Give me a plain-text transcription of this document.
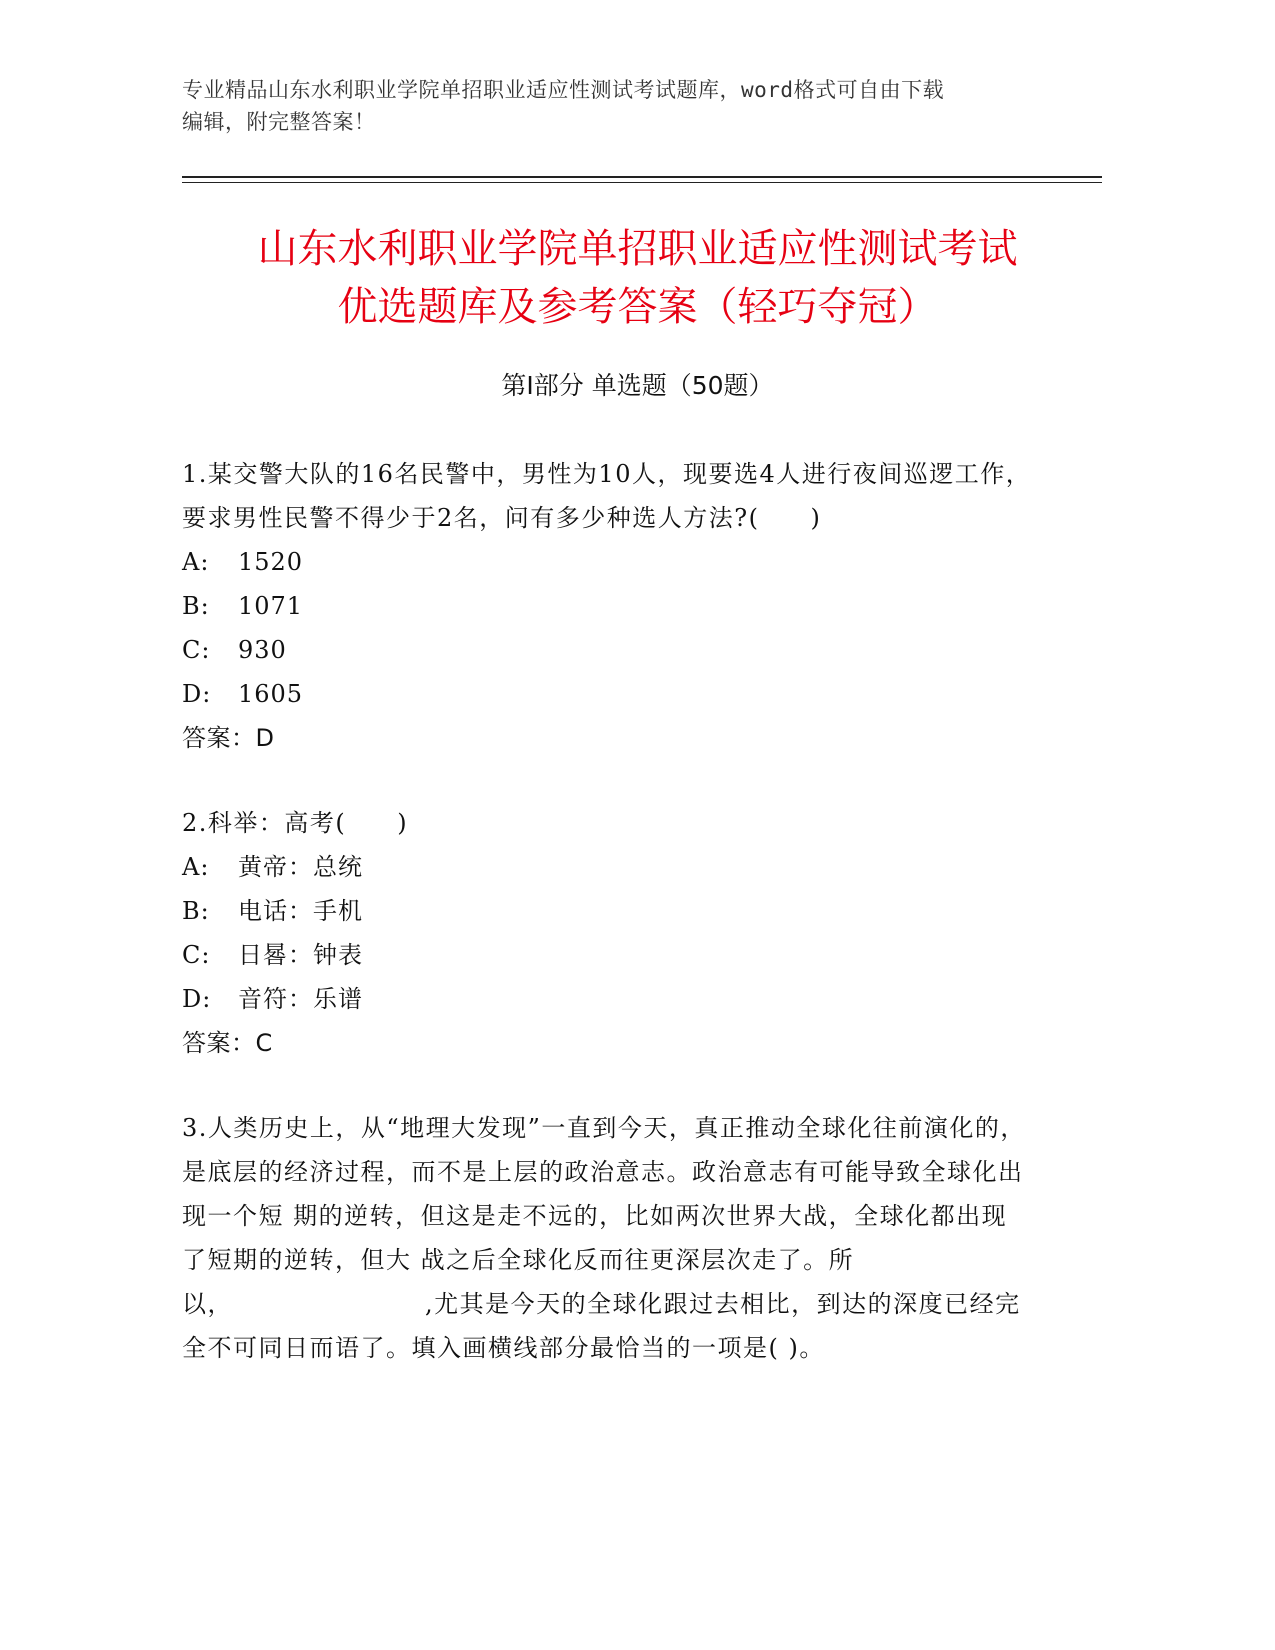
专业精品山东水利职业学院单招职业适应性测试考试题库，word格式可自由下载
编辑，附完整答案！
山东水利职业学院单招职业适应性测试考试
优选题库及参考答案（轻巧夺冠）
第Ⅰ部分 单选题（50题）

1.某交警大队的16名民警中，男性为10人，现要选4人进行夜间巡逻工作， 要求男性民警不得少于2名，问有多少种选人方法?(　　)

A: 1520
B: 1071
C: 930
D: 1605
答案：D

2.科举：高考(　　)

A: 黄帝：总统
B: 电话：手机
C: 日晷：钟表
D: 音符：乐谱
答案：C

3.人类历史上，从“地理大发现”一直到今天，真正推动全球化往前演化的， 是底层的经济过程，而不是上层的政治意志。政治意志有可能导致全球化出现一个短 期的逆转，但这是走不远的，比如两次世界大战，全球化都出现了短期的逆转，但大 战之后全球化反而往更深层次走了。所以，　　　　　　　　,尤其是今天的全球化跟过去相比，到达的深度已经完全不可同日而语了。填入画横线部分最恰当的一项是( )。
